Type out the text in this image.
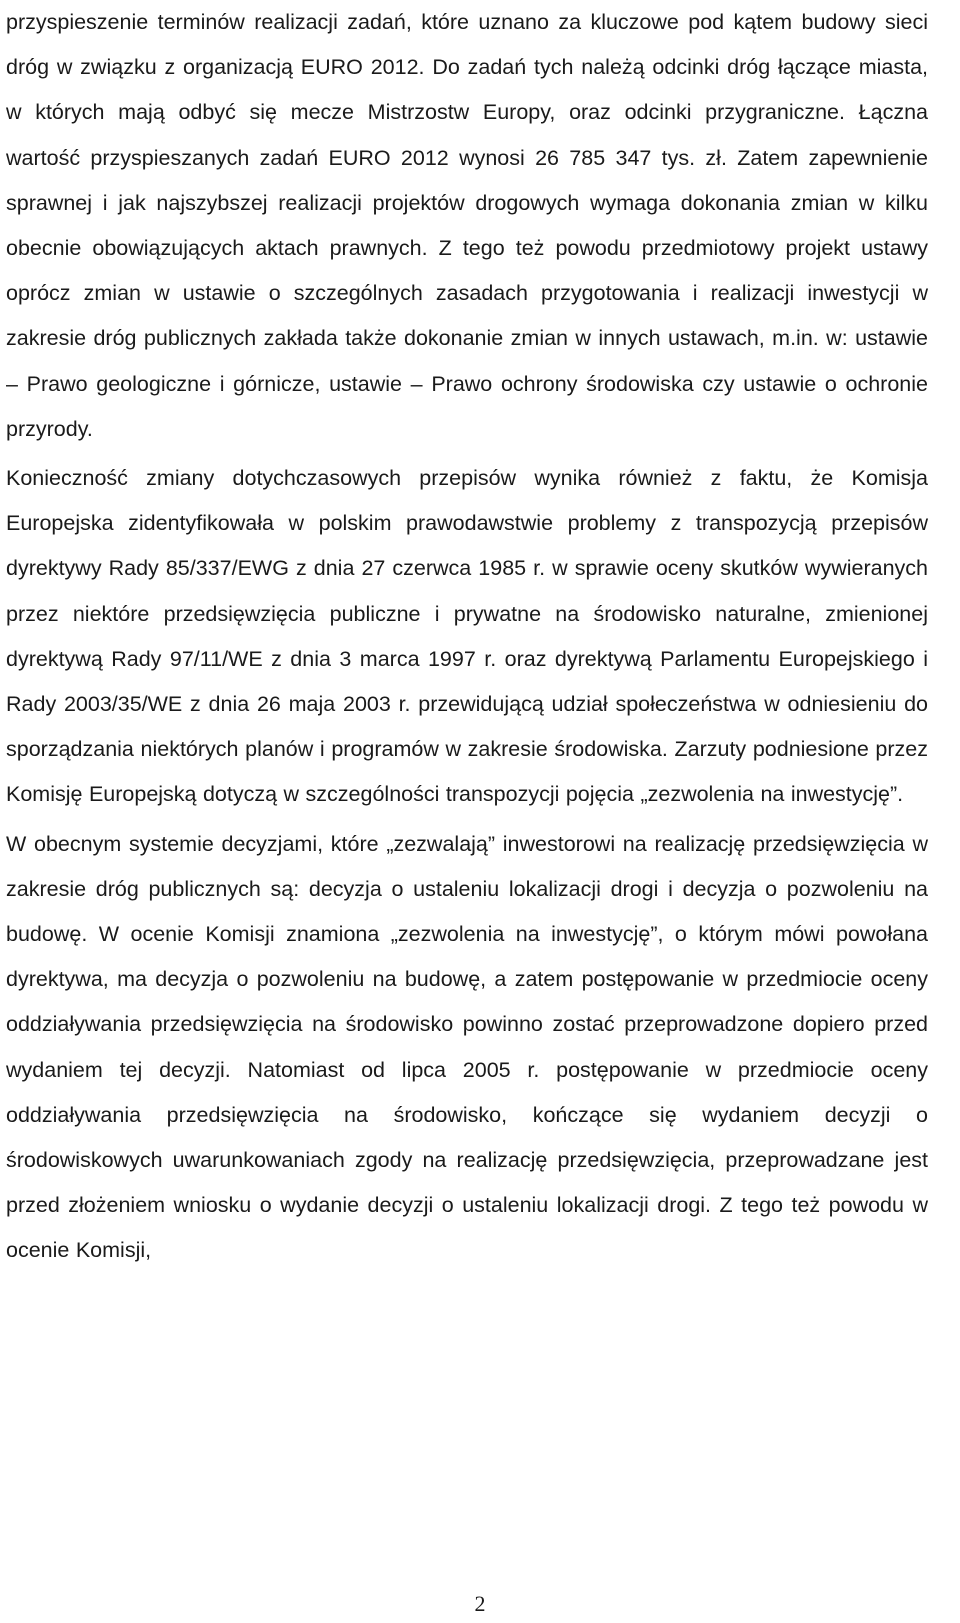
przyspieszenie terminów realizacji zadań, które uznano za kluczowe pod kątem budowy sieci dróg w związku z organizacją EURO 2012. Do zadań tych należą odcinki dróg łączące miasta, w których mają odbyć się mecze Mistrzostw Europy, oraz odcinki przygraniczne. Łączna wartość przyspieszanych zadań EURO 2012 wynosi 26 785 347 tys. zł. Zatem zapewnienie sprawnej i jak najszybszej realizacji projektów drogowych wymaga dokonania zmian w kilku obecnie obowiązujących aktach prawnych. Z tego też powodu przedmiotowy projekt ustawy oprócz zmian w ustawie o szczególnych zasadach przygotowania i realizacji inwestycji w zakresie dróg publicznych zakłada także dokonanie zmian w innych ustawach, m.in. w: ustawie – Prawo geologiczne i górnicze, ustawie – Prawo ochrony środowiska czy ustawie o ochronie przyrody.

Konieczność zmiany dotychczasowych przepisów wynika również z faktu, że Komisja Europejska zidentyfikowała w polskim prawodawstwie problemy z transpozycją przepisów dyrektywy Rady 85/337/EWG z dnia 27 czerwca 1985 r. w sprawie oceny skutków wywieranych przez niektóre przedsięwzięcia publiczne i prywatne na środowisko naturalne, zmienionej dyrektywą Rady 97/11/WE z dnia 3 marca 1997 r. oraz dyrektywą Parlamentu Europejskiego i Rady 2003/35/WE z dnia 26 maja 2003 r. przewidującą udział społeczeństwa w odniesieniu do sporządzania niektórych planów i programów w zakresie środowiska. Zarzuty podniesione przez Komisję Europejską dotyczą w szczególności transpozycji pojęcia „zezwolenia na inwestycję”.

W obecnym systemie decyzjami, które „zezwalają” inwestorowi na realizację przedsięwzięcia w zakresie dróg publicznych są: decyzja o ustaleniu lokalizacji drogi i decyzja o pozwoleniu na budowę. W ocenie Komisji znamiona „zezwolenia na inwestycję”, o którym mówi powołana dyrektywa, ma decyzja o pozwoleniu na budowę, a zatem postępowanie w przedmiocie oceny oddziaływania przedsięwzięcia na środowisko powinno zostać przeprowadzone dopiero przed wydaniem tej decyzji. Natomiast od lipca 2005 r. postępowanie w przedmiocie oceny oddziaływania przedsięwzięcia na środowisko, kończące się wydaniem decyzji o środowiskowych uwarunkowaniach zgody na realizację przedsięwzięcia, przeprowadzane jest przed złożeniem wniosku o wydanie decyzji o ustaleniu lokalizacji drogi. Z tego też powodu w ocenie Komisji,

2
